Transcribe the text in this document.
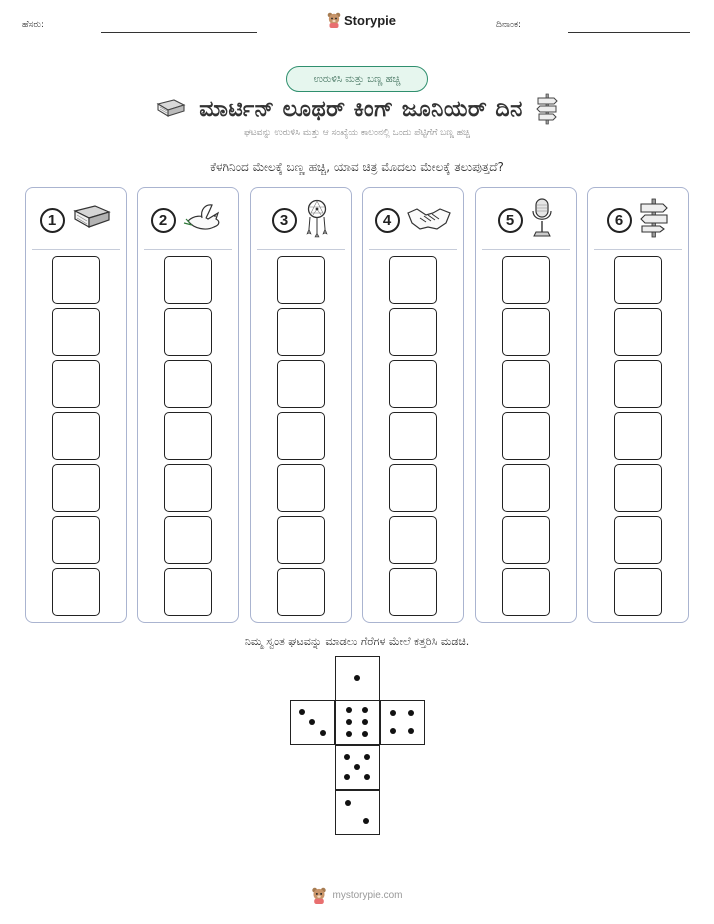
ಹೆಸರು:	Storypie	ದಿನಾಂಕ:
ಉರುಳಿಸಿ ಮತ್ತು ಬಣ್ಣ ಹಚ್ಚಿ
ಮಾರ್ಟಿನ್ ಲೂಥರ್ ಕಿಂಗ್ ಜೂನಿಯರ್ ದಿನ
ಘಟವನ್ನು ಉರುಳಿಸಿ ಮತ್ತು ಆ ಸಂಖ್ಯೆಯ ಕಾಲಂನಲ್ಲಿ ಒಂದು ಪೆಟ್ಟಿಗೆಗೆ ಬಣ್ಣ ಹಚ್ಚಿ
ಕೆಳಗಿನಿಂದ ಮೇಲಕ್ಕೆ ಬಣ್ಣ ಹಚ್ಚಿ, ಯಾವ ಚಿತ್ರ ಮೊದಲು ಮೇಲಕ್ಕೆ ತಲುಪುತ್ತದೆ?
1	2	3	4	5	6
ನಿಮ್ಮ ಸ್ವಂತ ಘಟವನ್ನು ಮಾಡಲು ಗೆರೆಗಳ ಮೇಲೆ ಕತ್ತರಿಸಿ ಮಡಚಿ.
mystorypie.com
